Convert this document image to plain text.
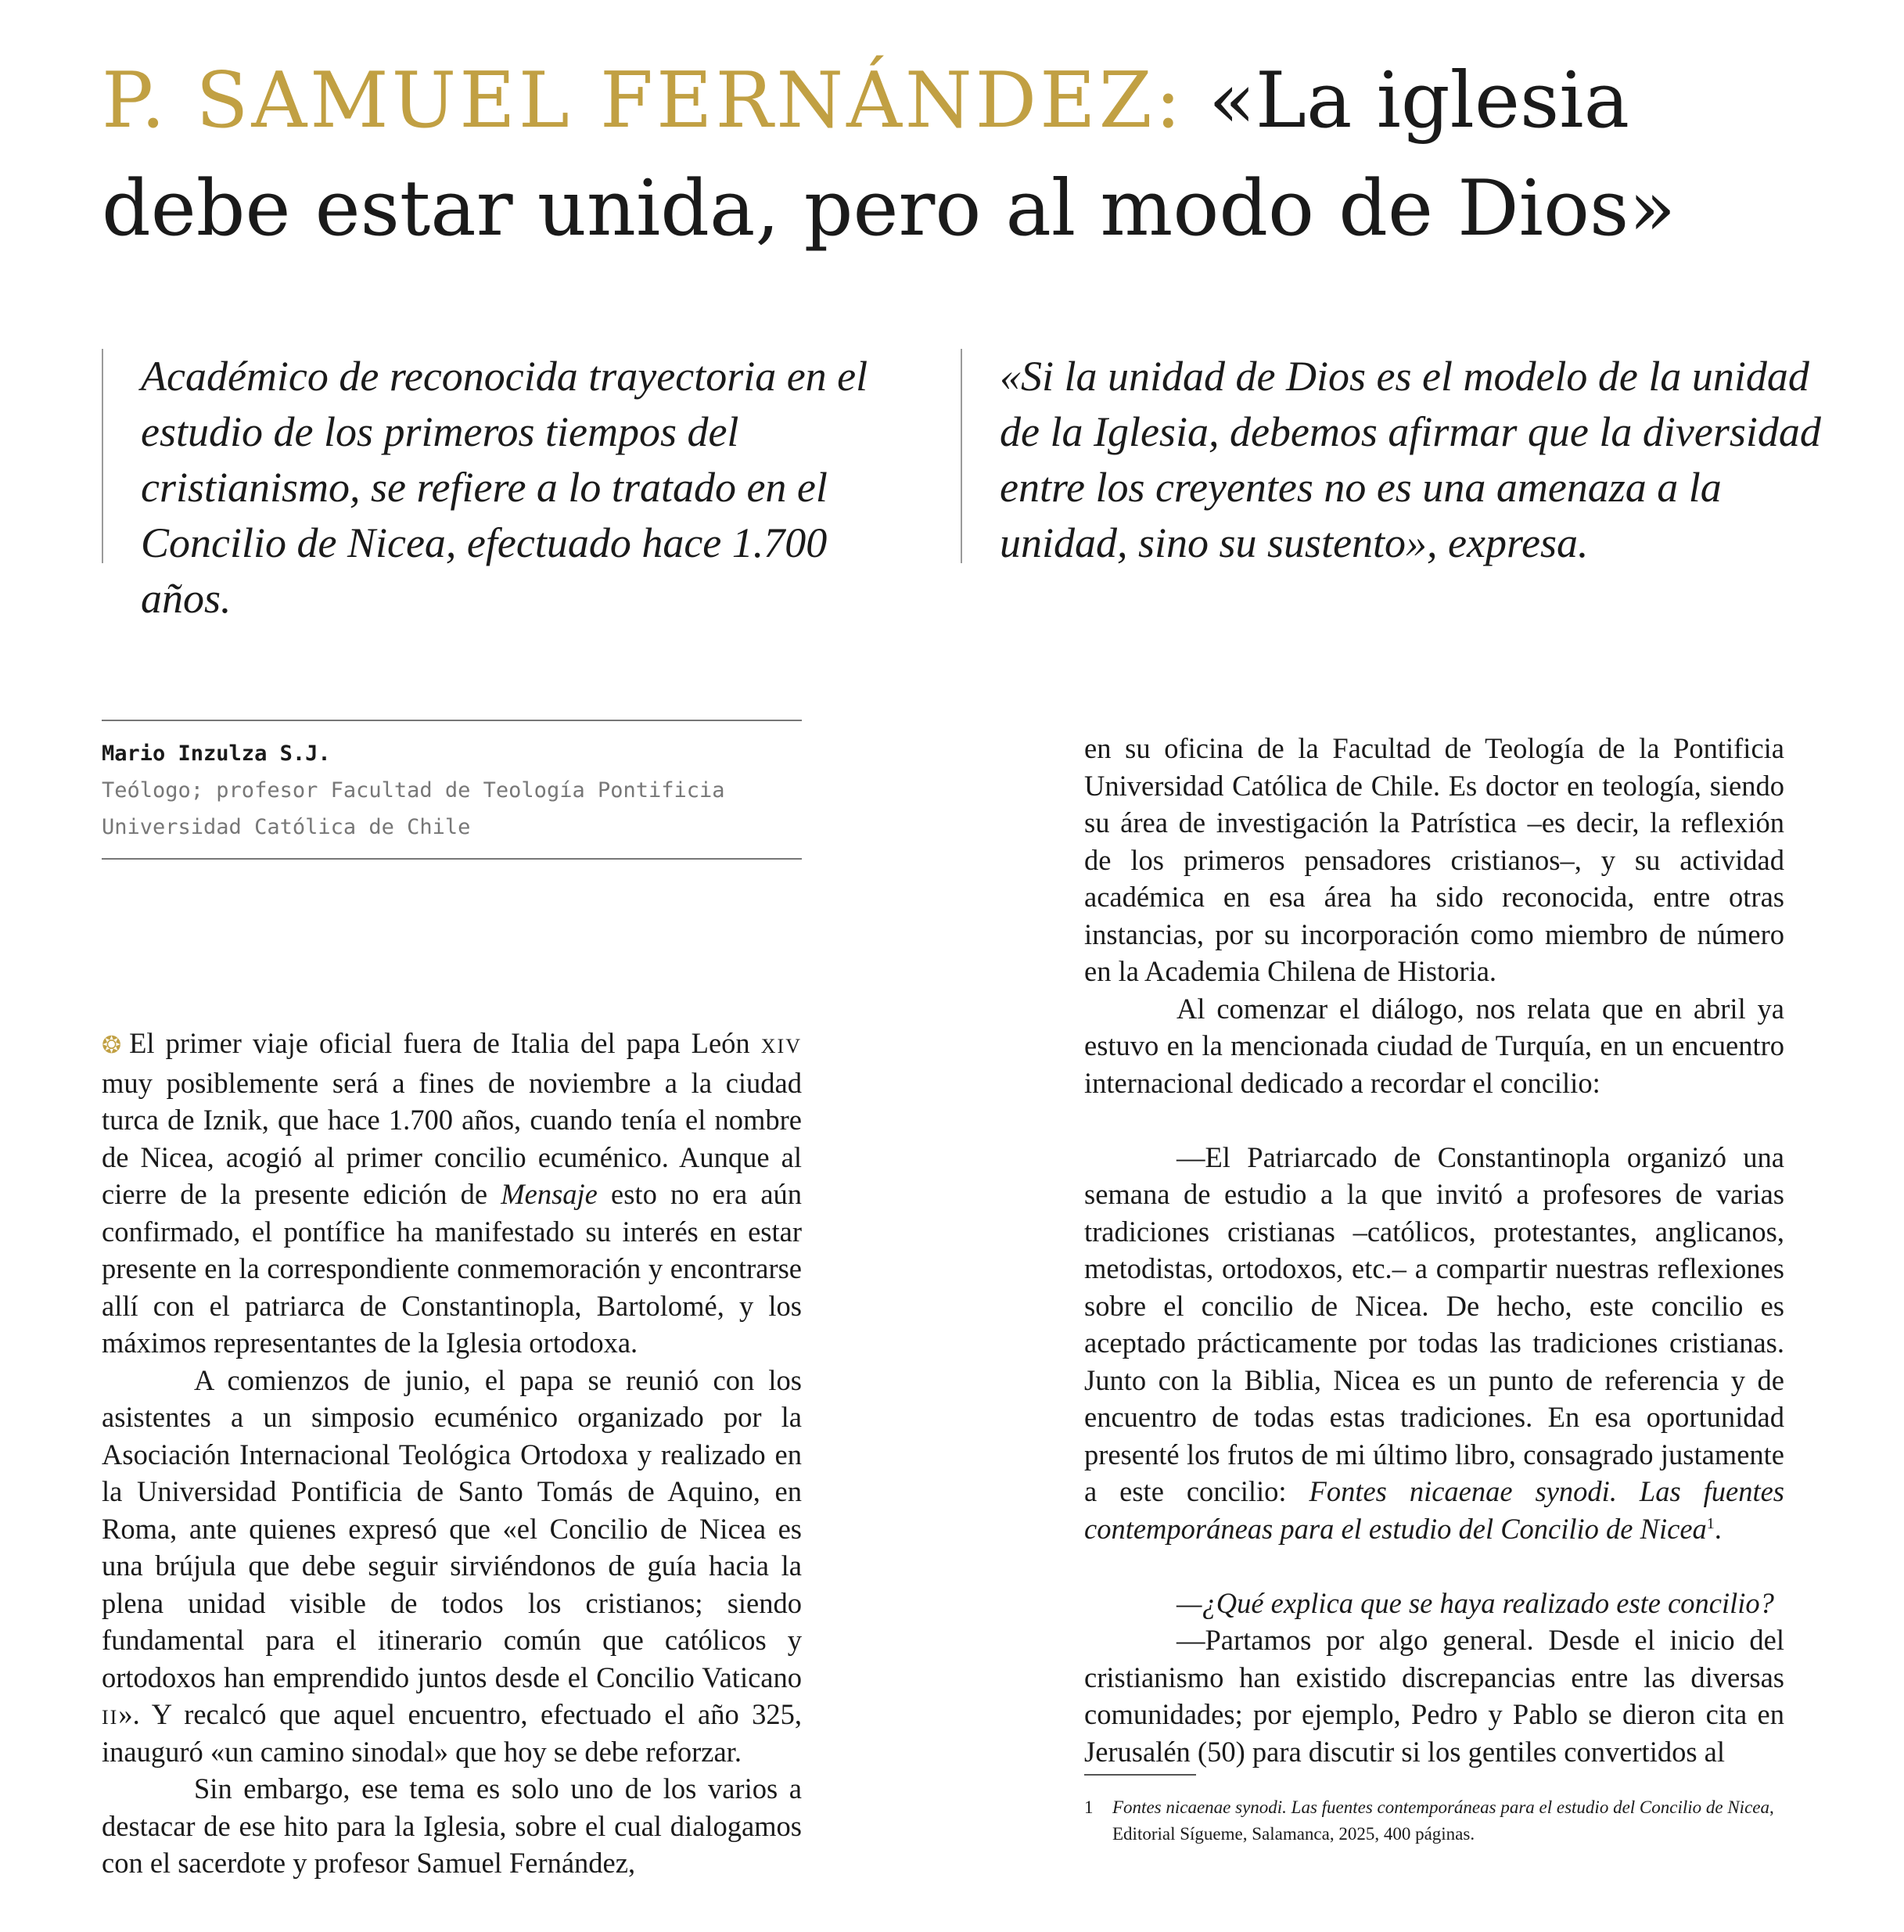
P. SAMUEL FERNÁNDEZ: «La iglesia debe estar unida, pero al modo de Dios»

Académico de reconocida trayectoria en el estudio de los primeros tiempos del cristianismo, se refiere a lo tratado en el Concilio de Nicea, efectuado hace 1.700 años.

«Si la unidad de Dios es el modelo de la unidad de la Iglesia, debemos afirmar que la diversidad entre los creyentes no es una amenaza a la unidad, sino su sustento», expresa.

Mario Inzulza S.J.
Teólogo; profesor Facultad de Teología Pontificia Universidad Católica de Chile

❂ El primer viaje oficial fuera de Italia del papa León xiv muy posiblemente será a fines de noviembre a la ciudad turca de Iznik, que hace 1.700 años, cuando tenía el nombre de Nicea, acogió al primer concilio ecuménico. Aunque al cierre de la presente edición de Mensaje esto no era aún confirmado, el pontífice ha manifestado su interés en estar presente en la correspondiente conmemoración y encontrarse allí con el patriarca de Constantinopla, Bartolomé, y los máximos representantes de la Iglesia ortodoxa.

A comienzos de junio, el papa se reunió con los asistentes a un simposio ecuménico organizado por la Asociación Internacional Teológica Ortodoxa y realizado en la Universidad Pontificia de Santo Tomás de Aquino, en Roma, ante quienes expresó que «el Concilio de Nicea es una brújula que debe seguir sirviéndonos de guía hacia la plena unidad visible de todos los cristianos; siendo fundamental para el itinerario común que católicos y ortodoxos han emprendido juntos desde el Concilio Vaticano ii». Y recalcó que aquel encuentro, efectuado el año 325, inauguró «un camino sinodal» que hoy se debe reforzar.

Sin embargo, ese tema es solo uno de los varios a destacar de ese hito para la Iglesia, sobre el cual dialogamos con el sacerdote y profesor Samuel Fernández,

en su oficina de la Facultad de Teología de la Pontificia Universidad Católica de Chile. Es doctor en teología, siendo su área de investigación la Patrística –es decir, la reflexión de los primeros pensadores cristianos–, y su actividad académica en esa área ha sido reconocida, entre otras instancias, por su incorporación como miembro de número en la Academia Chilena de Historia.

Al comenzar el diálogo, nos relata que en abril ya estuvo en la mencionada ciudad de Turquía, en un encuentro internacional dedicado a recordar el concilio:

—El Patriarcado de Constantinopla organizó una semana de estudio a la que invitó a profesores de varias tradiciones cristianas –católicos, protestantes, anglicanos, metodistas, ortodoxos, etc.– a compartir nuestras reflexiones sobre el concilio de Nicea. De hecho, este concilio es aceptado prácticamente por todas las tradiciones cristianas. Junto con la Biblia, Nicea es un punto de referencia y de encuentro de todas estas tradiciones. En esa oportunidad presenté los frutos de mi último libro, consagrado justamente a este concilio: Fontes nicaenae synodi. Las fuentes contemporáneas para el estudio del Concilio de Nicea$^1$.

—¿Qué explica que se haya realizado este concilio?

—Partamos por algo general. Desde el inicio del cristianismo han existido discrepancias entre las diversas comunidades; por ejemplo, Pedro y Pablo se dieron cita en Jerusalén (50) para discutir si los gentiles convertidos al

1 Fontes nicaenae synodi. Las fuentes contemporáneas para el estudio del Concilio de Nicea, Editorial Sígueme, Salamanca, 2025, 400 páginas.
